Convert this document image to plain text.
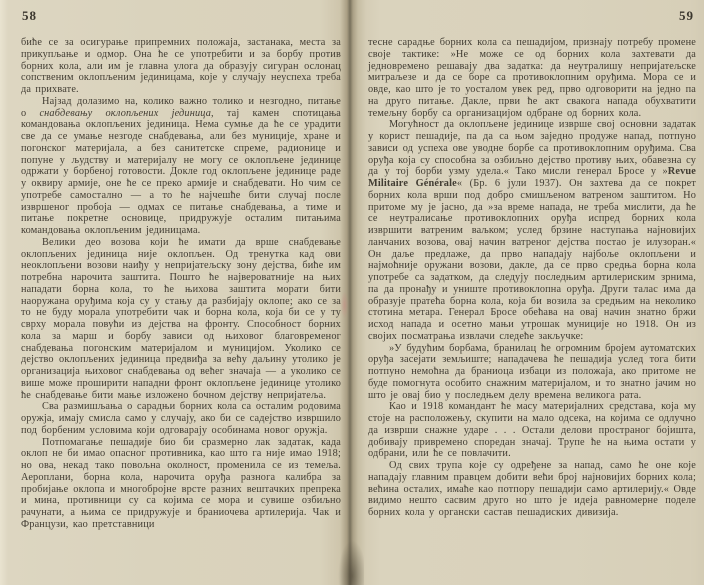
58	59

биће се за осигурање припремних положаја, застанака, места за прикупљање и одмор. Она ће се употребити и за борбу против борних кола, али им је главна улога да образују сигуран ослонац сопственим оклопљеним јединицама, које у случају неуспеха треба да прихвате.

Најзад долазимо на, колико важно толико и незгодно, питање о снабдевању оклопљених јединица, тај камен спотицања командовања оклопљених јединица. Нема сумње да ће се урадити све да се умање незгоде снабдевања, али без муниције, хране и погонског материјала, а без санитетске спреме, радионице и попуне у људству и материјалу не могу се оклопљене јединице одржати у борбеној готовости. Докле год оклопљене јединице раде у оквиру армије, оне ће се преко армије и снабдевати. Но чим се употребе самостално — а то ће најчешће бити случај после извршеног пробоја — одмах се питање снабдевања, а тиме и питање покретне основице, придружује осталим питањима командовања оклопљеним јединицама.

Велики део возова који ће имати да врше снабдевање оклопљених јединица није оклопљен. Од тренутка кад ови неоклопљени возови наиђу у непријатељску зону дејства, биће им потребна нарочита заштита. Пошто ће највероватније на њих нападати борна кола, то ће њихова заштита морати бити наоружана оруђима која су у стању да разбијају оклопе; ако се за то не буду морала употребити чак и борна кола, која би се у ту сврху морала повући из дејства на фронту. Способност борних кола за марш и борбу зависи од њиховог благовременог снабдевања погонским материјалом и муницијом. Уколико се дејство оклопљених јединица предвиђа за већу даљину утолико је организација њиховог снабдевања од већег значаја — а уколико се више може проширити нападни фронт оклопљене јединице утолико ће снабдевање бити мање изложено бочном дејству непријатеља.

Сва размишљања о сарадњи борних кола са осталим родовима оружја, имају смисла само у случају, ако би се садејство извршило под борбеним условима који одговарају особинама новог оружја.

Потпомагање пешадије био би сразмерно лак задатак, када оклоп не би имао опасног противника, као што га није имао 1918; но ова, некад тако повољна околност, променила се из темеља. Аероплани, борна кола, нарочита оруђа разнога калибра за пробијање оклопа и многобројне врсте разних вештачких препрека и мина, противници су са којима се мора и сувише озбиљно рачунати, а њима се придружује и браниочева артилерија. Чак и Французи, као претставници

тесне сарадње борних кола са пешадијом, признају потребу промене своје тактике: »Не може се од борних кола захтевати да једновремено решавају два задатка: да неутралишу непријатељске митраљезе и да се боре са противоклопним оруђима. Мора се и овде, као што је то уосталом увек ред, прво одговорити на једно па на друго питање. Дакле, први ће акт свакога напада обухватити темељну борбу са организацијом одбране од борних кола.

Могућност да оклопљене јединице изврше свој основни задатак у корист пешадије, па да са њом заједно продуже напад, потпуно зависи од успеха ове уводне борбе са противоклопним оруђима. Сва оруђа која су способна за озбиљно дејство противу њих, обавезна су да у тој борби узму удела.« Тако мисли генерал Бросе у »Revue Militaire Générale« (Бр. 6 јули 1937). Он захтева да се покрет борних кола врши под добро смишљеном ватреном заштитом. Но притоме му је јасно, да »за време напада, не треба мислити, да ће се неутралисање противоклопних оруђа испред борних кола извршити ватреним ваљком; услед брзине наступања најновијих ланчаних возова, овај начин ватреног дејства постао је илузоран.« Он даље предлаже, да прво нападају најбоље оклопљени и најмоћније оружани возови, дакле, да се прво средња борна кола употребе са задатком, да следују последњим артилериским зрнима, па да пронађу и униште противоклопна оруђа. Други талас има да образује пратећа борна кола, која би возила за средњим на неколико стотина метара. Генерал Бросе обећава на овај начин знатно бржи исход напада и осетно мањи утрошак муниције но 1918. Он из својих посматрања извлачи следеће закључке:

»У будућим борбама, бранилац ће огромним бројем аутоматских оруђа засејати земљиште; нападачева ће пешадија услед тога бити потпуно немоћна да браниоца избаци из положаја, ако притоме не буде помогнута особито снажним материјалом, и то знатно јачим но што је овај био у последњем делу времена великога рата.

Као и 1918 командант ће масу материјалних средстава, која му стоје на расположењу, скупити на мало одсека, на којима се одлучно да изврши снажне ударе . . . Остали делови пространог бојишта, добивају привремено споредан значај. Трупе ће на њима остати у одбрани, или ће се повлачити.

Од свих трупа које су одређене за напад, само ће оне које нападају главним правцем добити већи број најновијих борних кола; већина осталих, имаће као потпору пешадији само артилерију.« Овде видимо нешто сасвим друго но што је идеја равномерне поделе борних кола у органски састав пешадиских дивизија.
